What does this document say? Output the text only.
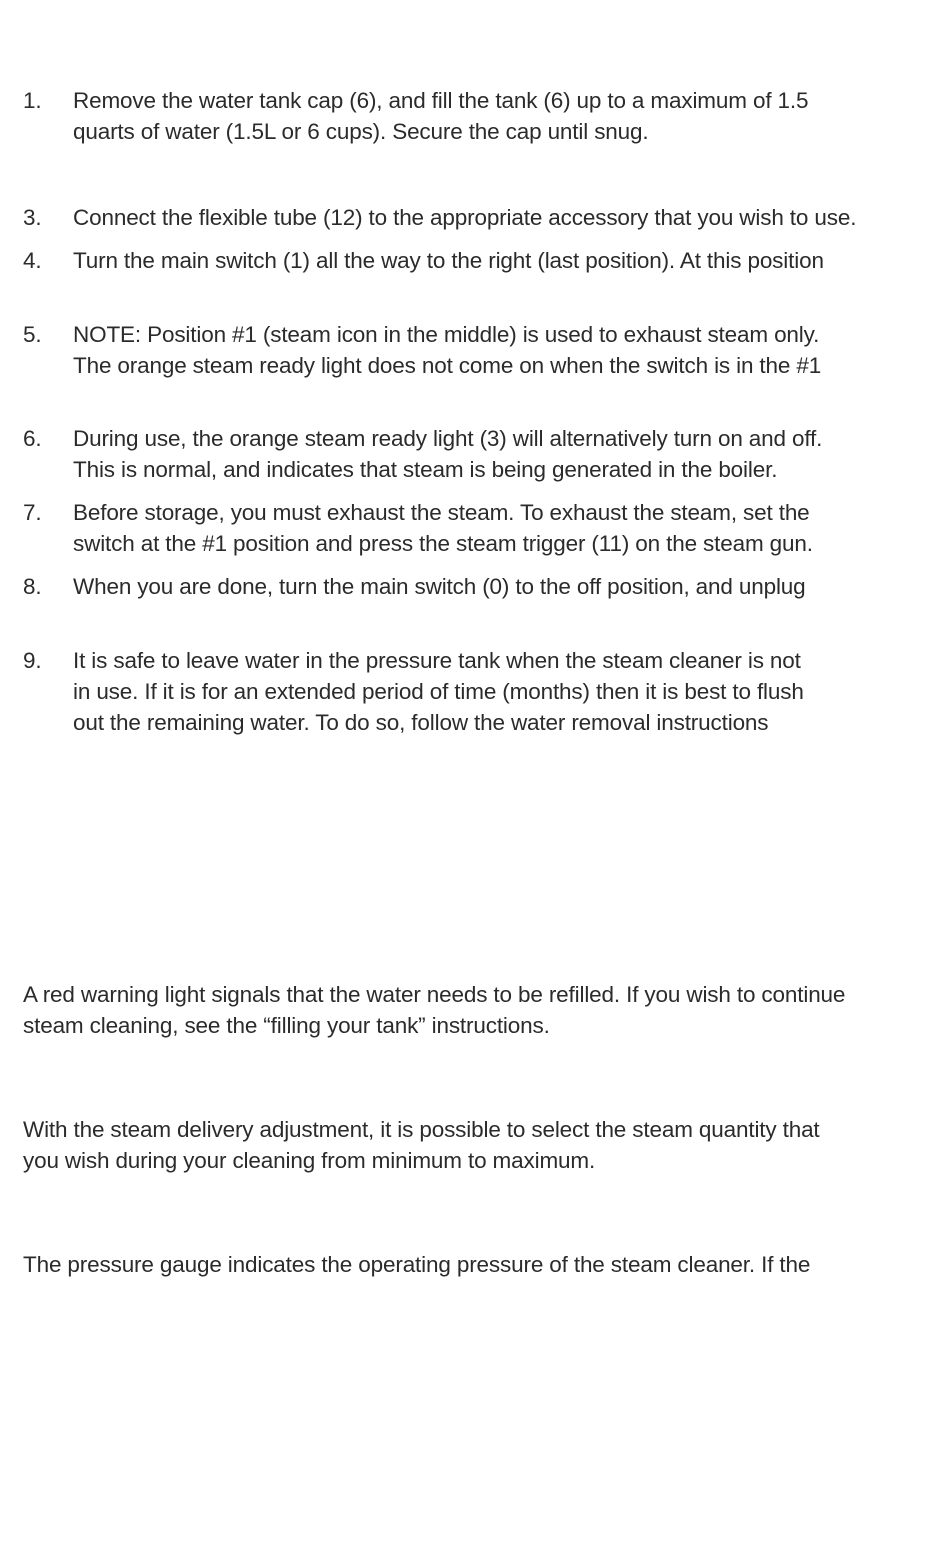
1.	Remove the water tank cap (6), and fill the tank (6) up to a maximum of 1.5
quarts of water (1.5L or 6 cups). Secure the cap until snug.
3.	Connect the flexible tube (12) to the appropriate accessory that you wish to use.
4.	Turn the main switch (1) all the way to the right (last position). At this position
5.	NOTE: Position #1 (steam icon in the middle) is used to exhaust steam only.
The orange steam ready light does not come on when the switch is in the #1
6.	During use, the orange steam ready light (3) will alternatively turn on and off.
This is normal, and indicates that steam is being generated in the boiler.
7.	Before storage, you must exhaust the steam. To exhaust the steam, set the
switch at the #1 position and press the steam trigger (11) on the steam gun.
8.	When you are done, turn the main switch (0) to the off position, and unplug
9.	It is safe to leave water in the pressure tank when the steam cleaner is not
in use. If it is for an extended period of time (months) then it is best to flush
out the remaining water. To do so, follow the water removal instructions
A red warning light signals that the water needs to be refilled. If you wish to continue
steam cleaning, see the “filling your tank” instructions.
With the steam delivery adjustment, it is possible to select the steam quantity that
you wish during your cleaning from minimum to maximum.
The pressure gauge indicates the operating pressure of the steam cleaner. If the
